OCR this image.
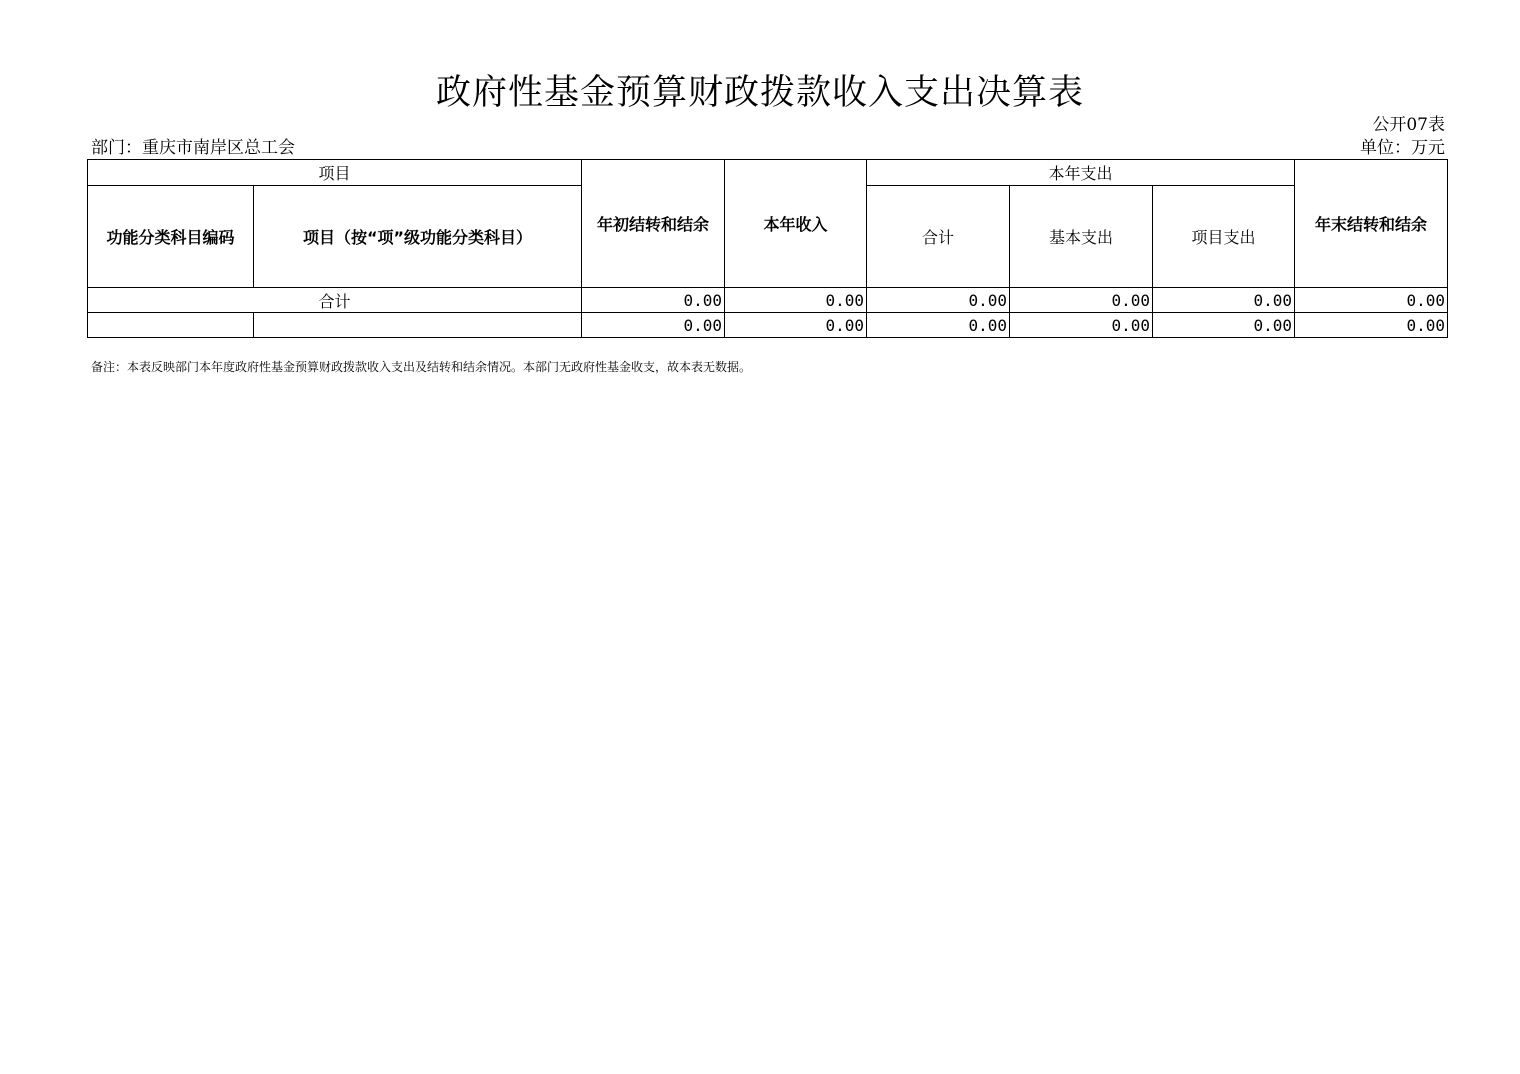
政府性基金预算财政拨款收入支出决算表
公开07表
部门：重庆市南岸区总工会	单位：万元
项目		年初结转和结余	本年收入	本年支出			年末结转和结余
功能分类科目编码	项目（按“项”级功能分类科目）			合计	基本支出	项目支出	
合计		0.00	0.00	0.00	0.00	0.00	0.00
		0.00	0.00	0.00	0.00	0.00	0.00
备注：本表反映部门本年度政府性基金预算财政拨款收入支出及结转和结余情况。本部门无政府性基金收支，故本表无数据。
